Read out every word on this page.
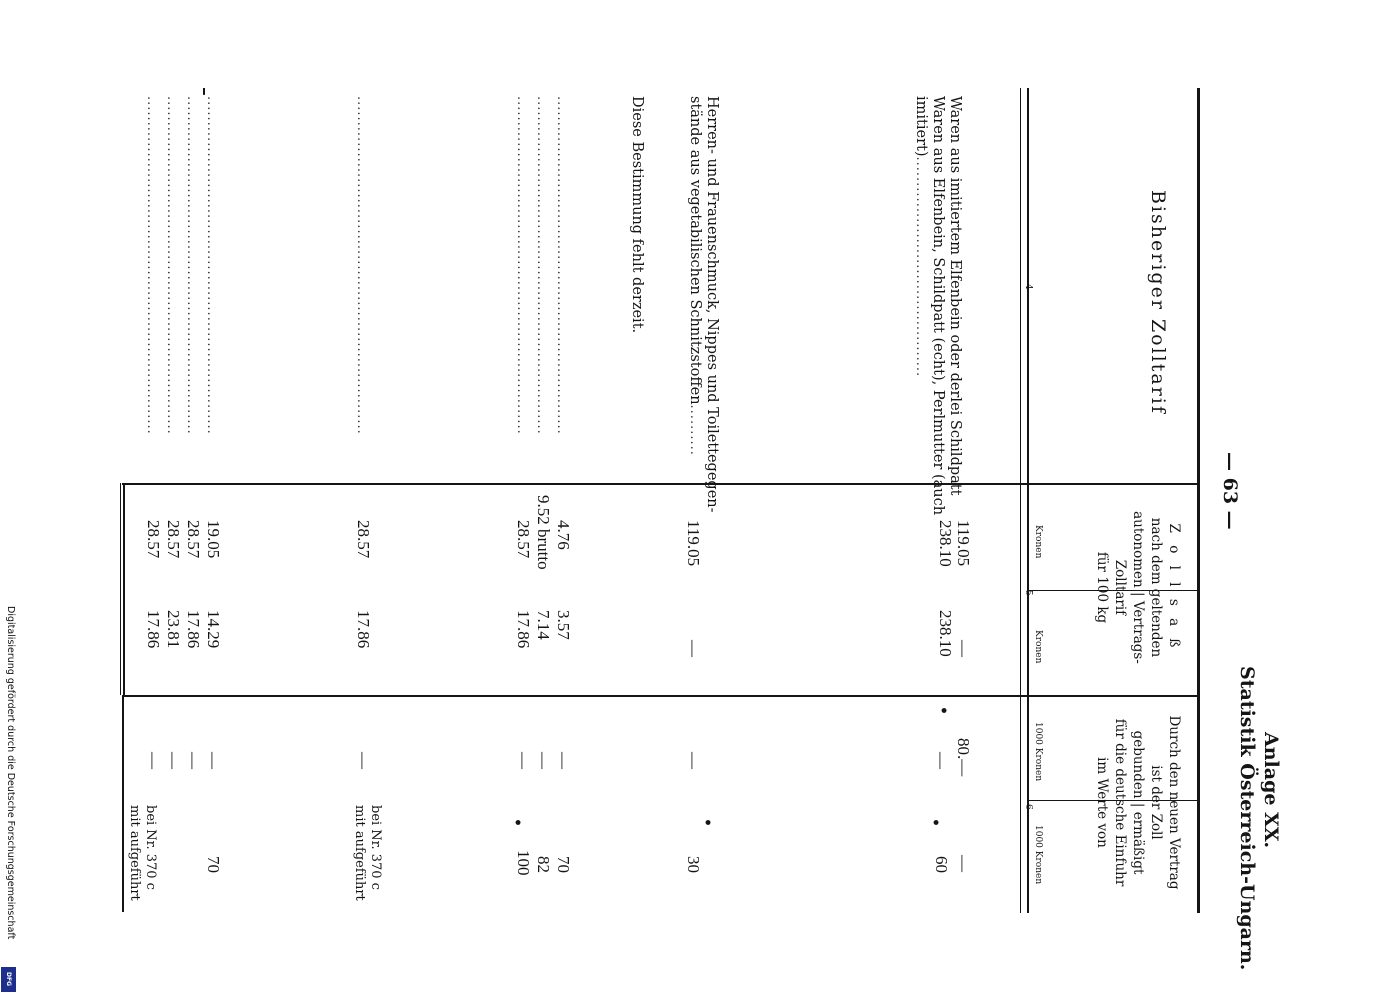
Anlage XX.
Statistik Österreich-Ungarn.
— 63 —
Bisheriger Zolltarif
4
Z o l l s a ß
nach dem geltenden
autonomen | Vertrags-
Zolltarif
für 100 kg
Kronen
Kronen
5
Durch den neuen Vertrag
ist der Zoll
gebunden | ermäßigt
für die deutsche Einfuhr
im Werte von
1000 Kronen
1000 Kronen
6
Waren aus imitiertem Elfenbein oder derlei Schildpatt
Waren aus Elfenbein, Schildpatt (echt), Perlmutter (auch
imitiert)...........................................
119.05
238.10
—
238.10
80.—
—
—
60
Herren- und Frauenschmuck, Nippes und Toilettegegen-
stände aus vegetabilischen Schnitzstoffen..........
119.05
—
—
30
Diese Bestimmung fehlt derzeit.
..................................................................
4.76
3.57
—
70
..................................................................
9.52 brutto
7.14
—
82
..................................................................
28.57
17.86
—
100
..................................................................
28.57
17.86
—
bei Nr. 370 c mit aufgeführt
..................................................................
19.05
14.29
—
70
..................................................................
28.57
17.86
—
..................................................................
28.57
23.81
—
..................................................................
28.57
17.86
—
bei Nr. 370 c mit aufgeführt
•
•
•
•
Digitalisierung gefördert durch die Deutsche Forschungsgemeinschaft
DFG
